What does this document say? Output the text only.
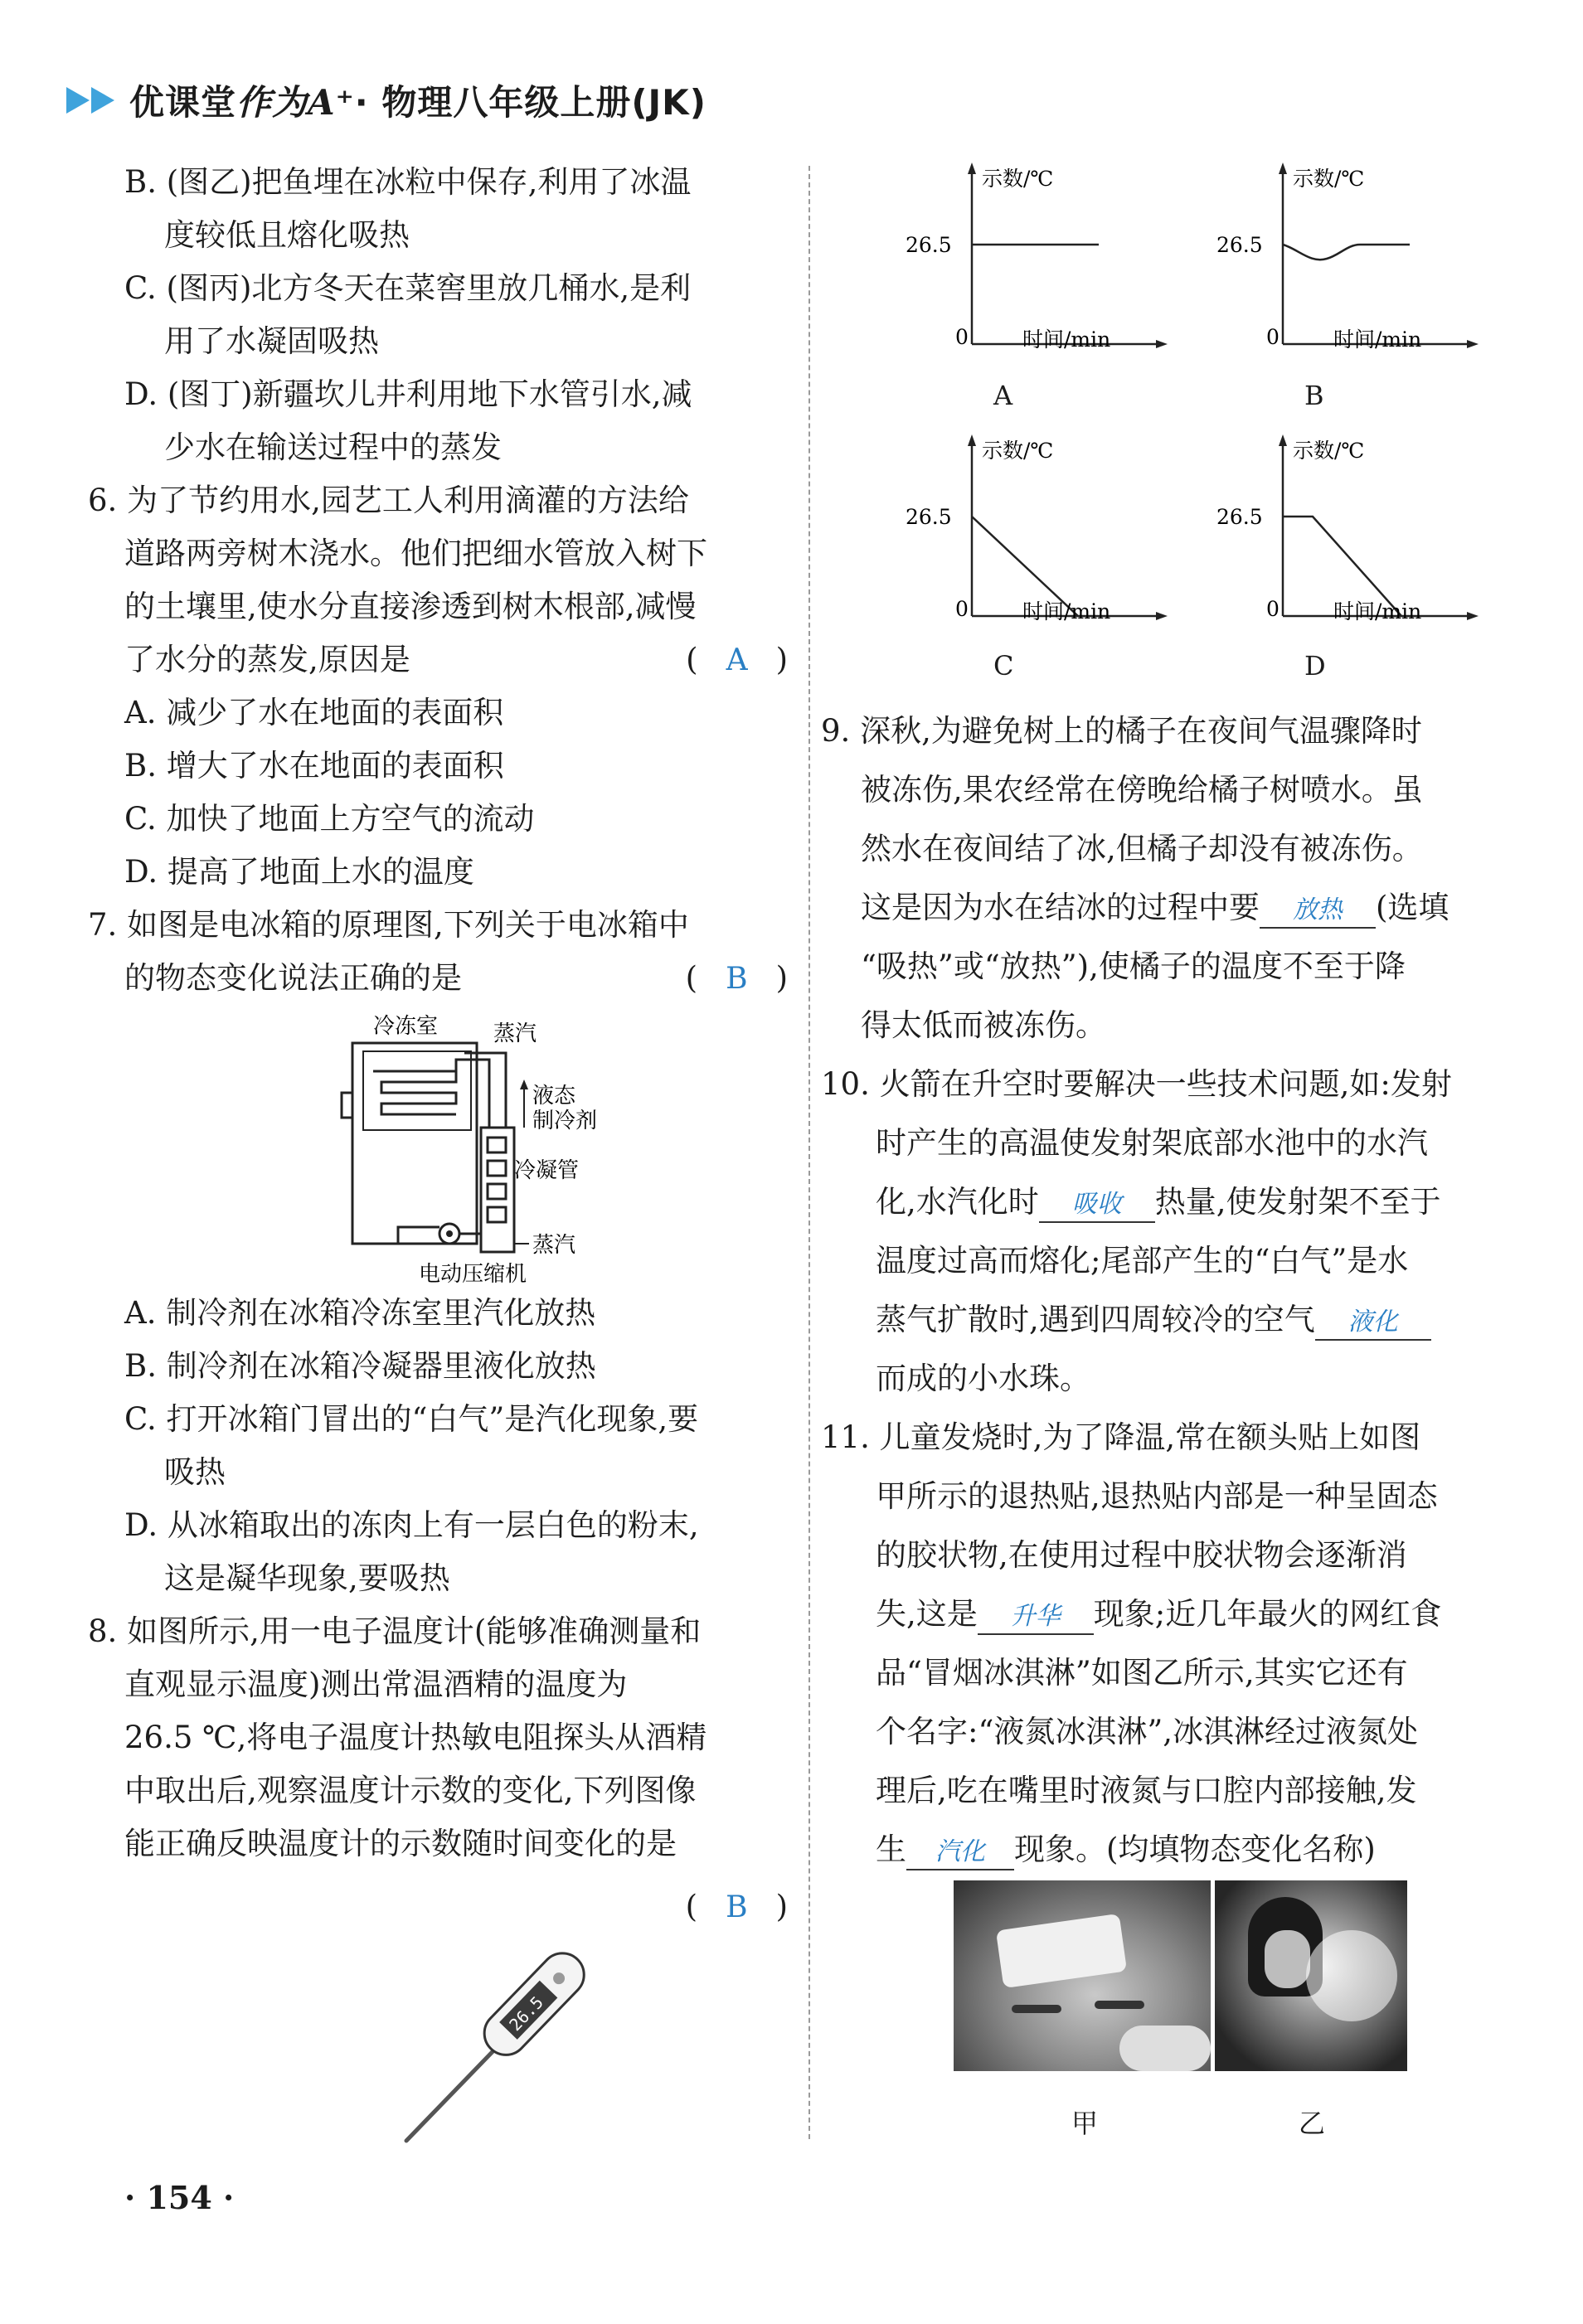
优课堂作为A⁺· 物理八年级上册(JK)
B. (图乙)把鱼埋在冰粒中保存,利用了冰温
度较低且熔化吸热
C. (图丙)北方冬天在菜窖里放几桶水,是利
用了水凝固吸热
D. (图丁)新疆坎儿井利用地下水管引水,减
少水在输送过程中的蒸发
6. 为了节约用水,园艺工人利用滴灌的方法给
道路两旁树木浇水。他们把细水管放入树下
的土壤里,使水分直接渗透到树木根部,减慢
了水分的蒸发,原因是	( A )
A. 减少了水在地面的表面积
B. 增大了水在地面的表面积
C. 加快了地面上方空气的流动
D. 提高了地面上水的温度
7. 如图是电冰箱的原理图,下列关于电冰箱中
的物态变化说法正确的是	( B )
A. 制冷剂在冰箱冷冻室里汽化放热
B. 制冷剂在冰箱冷凝器里液化放热
C. 打开冰箱门冒出的“白气”是汽化现象,要
吸热
D. 从冰箱取出的冻肉上有一层白色的粉末,
这是凝华现象,要吸热
8. 如图所示,用一电子温度计(能够准确测量和
直观显示温度)测出常温酒精的温度为
26.5 ℃,将电子温度计热敏电阻探头从酒精
中取出后,观察温度计示数的变化,下列图像
能正确反映温度计的示数随时间变化的是
( B )
冷冻室	蒸汽
液态
制冷剂
冷凝管
蒸汽
电动压缩机
26.5
示数/℃
26.5
0	时间/min
示数/℃
26.5
0	时间/min
示数/℃
26.5
0	时间/min
示数/℃
26.5
0	时间/min
A	B
C	D
9. 深秋,为避免树上的橘子在夜间气温骤降时
被冻伤,果农经常在傍晚给橘子树喷水。虽
然水在夜间结了冰,但橘子却没有被冻伤。
这是因为水在结冰的过程中要 放热 (选填
“吸热”或“放热”),使橘子的温度不至于降
得太低而被冻伤。
10. 火箭在升空时要解决一些技术问题,如:发射
时产生的高温使发射架底部水池中的水汽
化,水汽化时 吸收 热量,使发射架不至于
温度过高而熔化;尾部产生的“白气”是水
蒸气扩散时,遇到四周较冷的空气 液化
而成的小水珠。
11. 儿童发烧时,为了降温,常在额头贴上如图
甲所示的退热贴,退热贴内部是一种呈固态
的胶状物,在使用过程中胶状物会逐渐消
失,这是 升华 现象;近几年最火的网红食
品“冒烟冰淇淋”如图乙所示,其实它还有
个名字:“液氮冰淇淋”,冰淇淋经过液氮处
理后,吃在嘴里时液氮与口腔内部接触,发
生 汽化 现象。(均填物态变化名称)
甲	乙
· 154 ·
